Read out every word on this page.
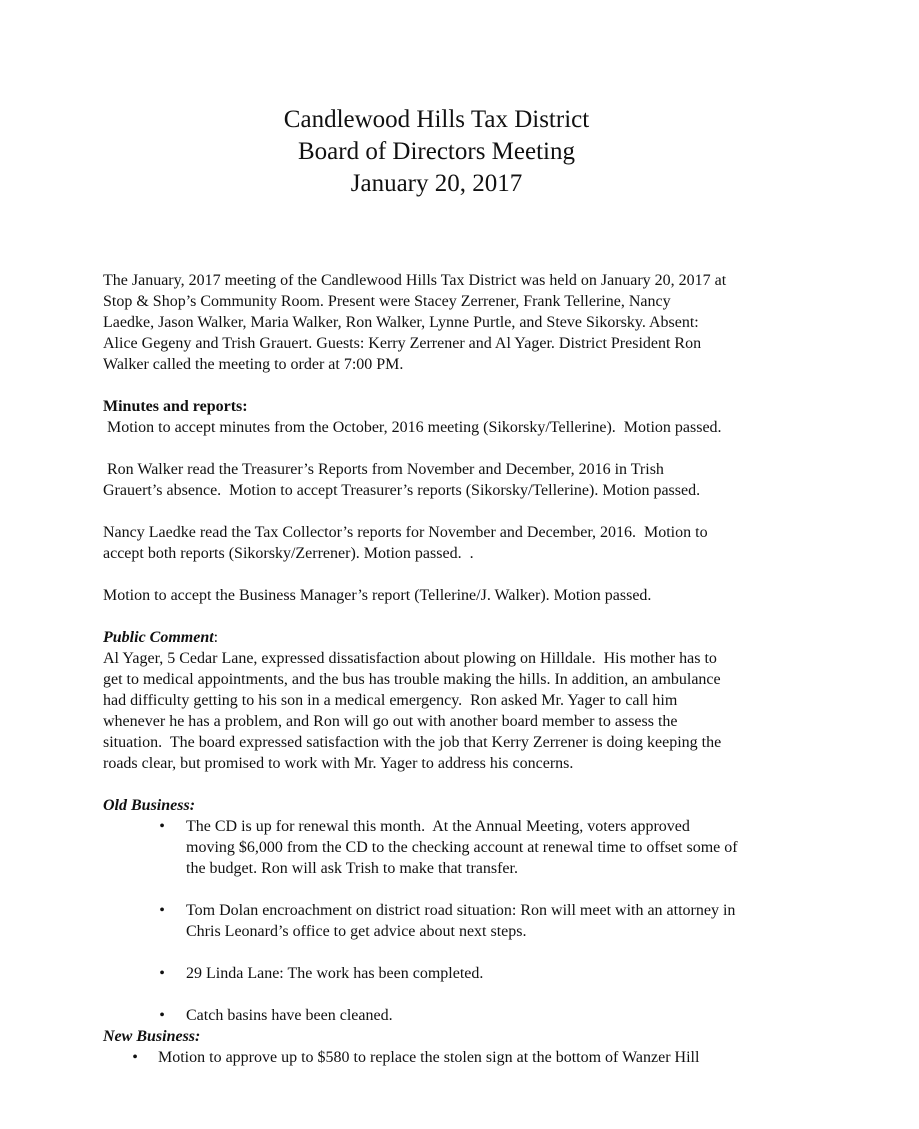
Candlewood Hills Tax District
Board of Directors Meeting
January 20, 2017

The January, 2017 meeting of the Candlewood Hills Tax District was held on January 20, 2017 at
Stop & Shop’s Community Room. Present were Stacey Zerrener, Frank Tellerine, Nancy
Laedke, Jason Walker, Maria Walker, Ron Walker, Lynne Purtle, and Steve Sikorsky. Absent:
Alice Gegeny and Trish Grauert. Guests: Kerry Zerrener and Al Yager. District President Ron
Walker called the meeting to order at 7:00 PM.

Minutes and reports:

Motion to accept minutes from the October, 2016 meeting (Sikorsky/Tellerine).  Motion passed.

Ron Walker read the Treasurer’s Reports from November and December, 2016 in Trish
Grauert’s absence.  Motion to accept Treasurer’s reports (Sikorsky/Tellerine). Motion passed.

Nancy Laedke read the Tax Collector’s reports for November and December, 2016.  Motion to
accept both reports (Sikorsky/Zerrener). Motion passed.  .

Motion to accept the Business Manager’s report (Tellerine/J. Walker). Motion passed.

Public Comment:

Al Yager, 5 Cedar Lane, expressed dissatisfaction about plowing on Hilldale.  His mother has to
get to medical appointments, and the bus has trouble making the hills. In addition, an ambulance
had difficulty getting to his son in a medical emergency.  Ron asked Mr. Yager to call him
whenever he has a problem, and Ron will go out with another board member to assess the
situation.  The board expressed satisfaction with the job that Kerry Zerrener is doing keeping the
roads clear, but promised to work with Mr. Yager to address his concerns.

Old Business:
• The CD is up for renewal this month.  At the Annual Meeting, voters approved
moving $6,000 from the CD to the checking account at renewal time to offset some of
the budget. Ron will ask Trish to make that transfer.
• Tom Dolan encroachment on district road situation: Ron will meet with an attorney in
Chris Leonard’s office to get advice about next steps.
• 29 Linda Lane: The work has been completed.
• Catch basins have been cleaned.
New Business:
• Motion to approve up to $580 to replace the stolen sign at the bottom of Wanzer Hill
